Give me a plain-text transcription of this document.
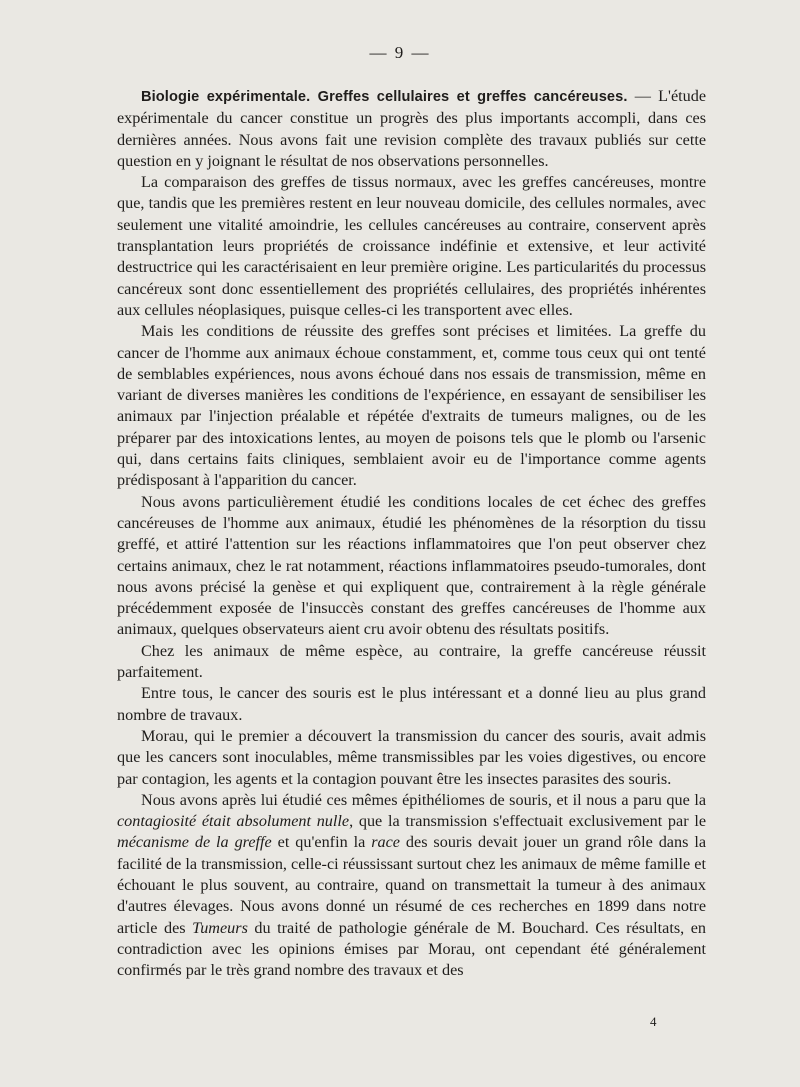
— 9 —

Biologie expérimentale. Greffes cellulaires et greffes cancéreuses. — L'étude expérimentale du cancer constitue un progrès des plus importants accompli, dans ces dernières années. Nous avons fait une revision complète des travaux publiés sur cette question en y joignant le résultat de nos observations personnelles.

La comparaison des greffes de tissus normaux, avec les greffes cancéreuses, montre que, tandis que les premières restent en leur nouveau domicile, des cellules normales, avec seulement une vitalité amoindrie, les cellules cancéreuses au contraire, conservent après transplantation leurs propriétés de croissance indéfinie et extensive, et leur activité destructrice qui les caractérisaient en leur première origine. Les particularités du processus cancéreux sont donc essentiellement des propriétés cellulaires, des propriétés inhérentes aux cellules néoplasiques, puisque celles-ci les transportent avec elles.

Mais les conditions de réussite des greffes sont précises et limitées. La greffe du cancer de l'homme aux animaux échoue constamment, et, comme tous ceux qui ont tenté de semblables expériences, nous avons échoué dans nos essais de transmission, même en variant de diverses manières les conditions de l'expérience, en essayant de sensibiliser les animaux par l'injection préalable et répétée d'extraits de tumeurs malignes, ou de les préparer par des intoxications lentes, au moyen de poisons tels que le plomb ou l'arsenic qui, dans certains faits cliniques, semblaient avoir eu de l'importance comme agents prédisposant à l'apparition du cancer.

Nous avons particulièrement étudié les conditions locales de cet échec des greffes cancéreuses de l'homme aux animaux, étudié les phénomènes de la résorption du tissu greffé, et attiré l'attention sur les réactions inflammatoires que l'on peut observer chez certains animaux, chez le rat notamment, réactions inflammatoires pseudo-tumorales, dont nous avons précisé la genèse et qui expliquent que, contrairement à la règle générale précédemment exposée de l'insuccès constant des greffes cancéreuses de l'homme aux animaux, quelques observateurs aient cru avoir obtenu des résultats positifs.

Chez les animaux de même espèce, au contraire, la greffe cancéreuse réussit parfaitement.

Entre tous, le cancer des souris est le plus intéressant et a donné lieu au plus grand nombre de travaux.

Morau, qui le premier a découvert la transmission du cancer des souris, avait admis que les cancers sont inoculables, même transmissibles par les voies digestives, ou encore par contagion, les agents et la contagion pouvant être les insectes parasites des souris.

Nous avons après lui étudié ces mêmes épithéliomes de souris, et il nous a paru que la contagiosité était absolument nulle, que la transmission s'effectuait exclusivement par le mécanisme de la greffe et qu'enfin la race des souris devait jouer un grand rôle dans la facilité de la transmission, celle-ci réussissant surtout chez les animaux de même famille et échouant le plus souvent, au contraire, quand on transmettait la tumeur à des animaux d'autres élevages. Nous avons donné un résumé de ces recherches en 1899 dans notre article des Tumeurs du traité de pathologie générale de M. Bouchard. Ces résultats, en contradiction avec les opinions émises par Morau, ont cependant été généralement confirmés par le très grand nombre des travaux et des

4
